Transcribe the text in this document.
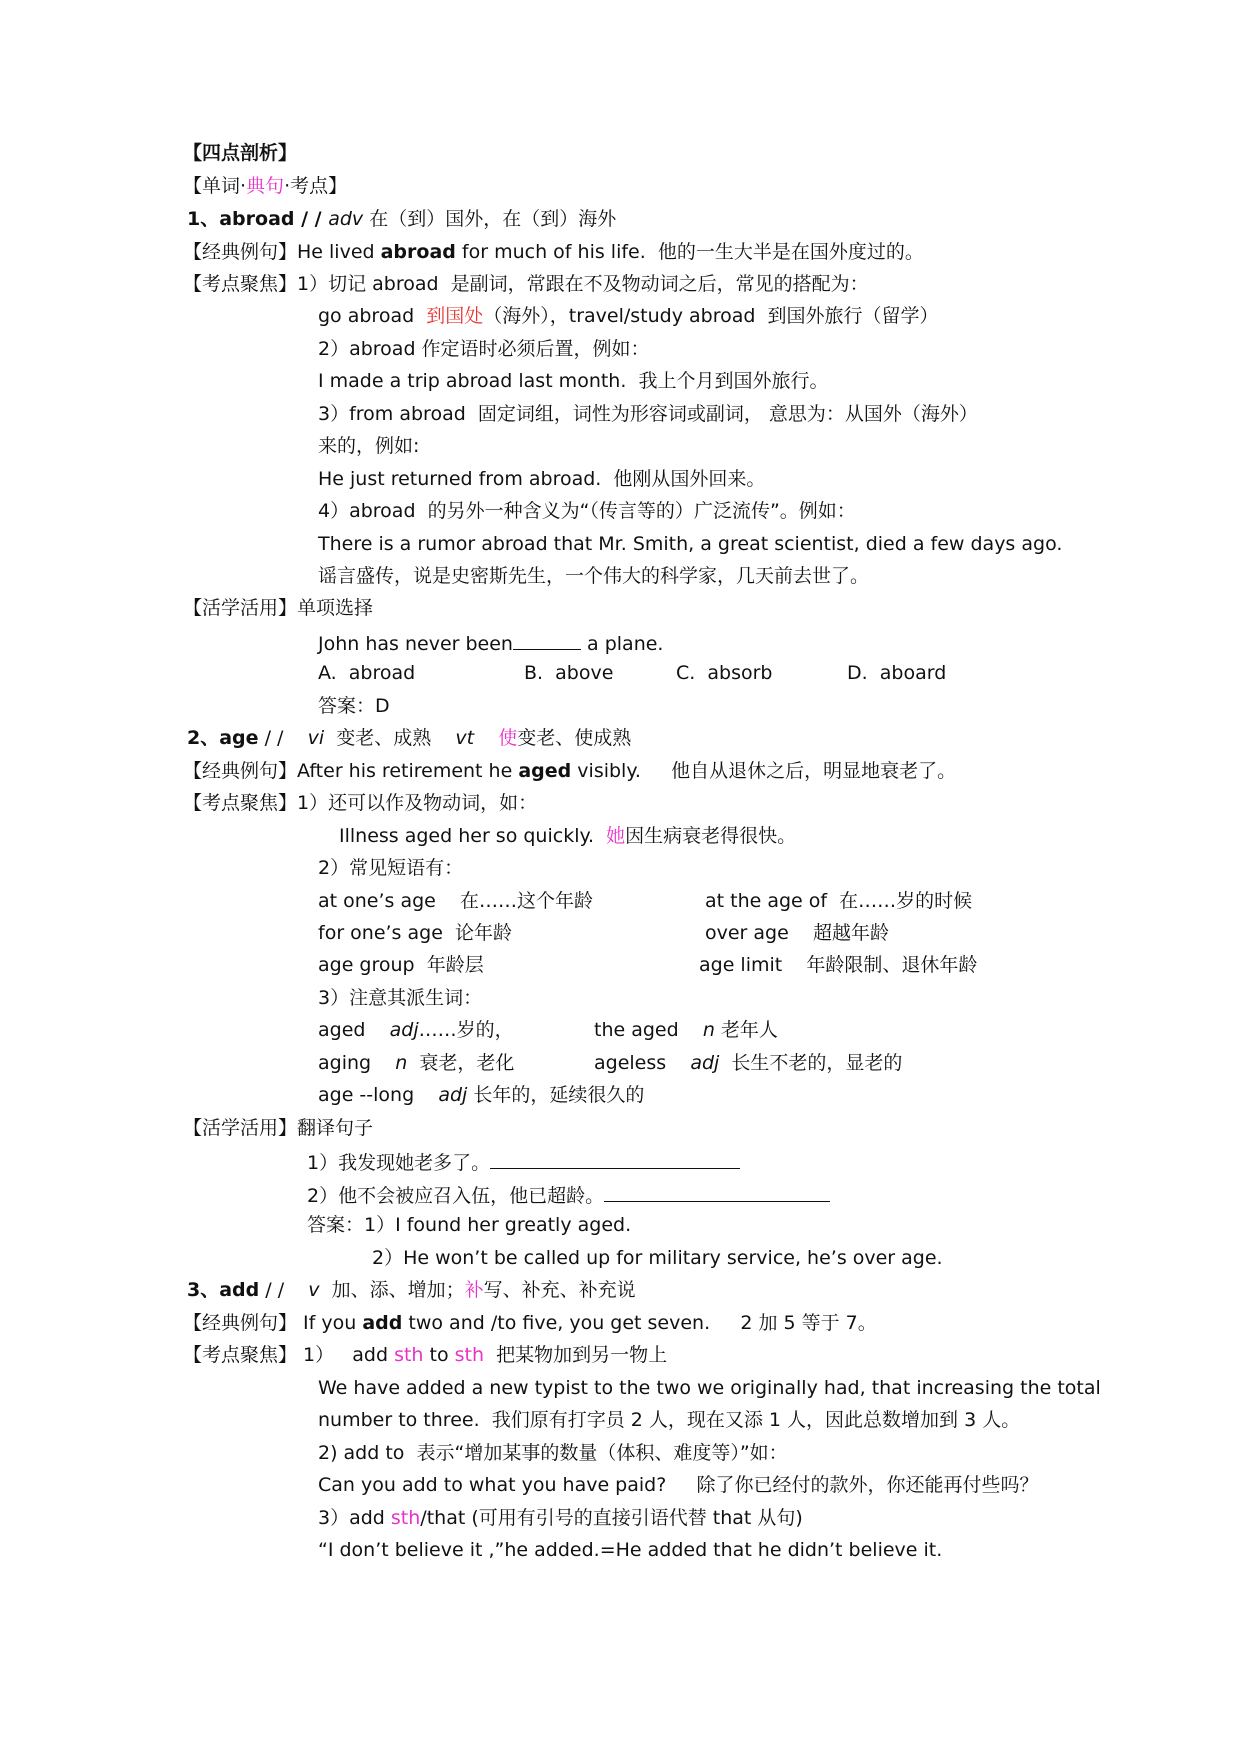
【四点剖析】
【单词·典句·考点】
1、abroad / / adv 在（到）国外，在（到）海外
【经典例句】He lived abroad for much of his life.  他的一生大半是在国外度过的。
【考点聚焦】1）切记 abroad  是副词，常跟在不及物动词之后，常见的搭配为：
go abroad  到国处（海外），travel/study abroad  到国外旅行（留学）
2）abroad 作定语时必须后置，例如：
I made a trip abroad last month.  我上个月到国外旅行。
3）from abroad  固定词组，词性为形容词或副词， 意思为：从国外（海外）
来的，例如:
He just returned from abroad.  他刚从国外回来。
4）abroad  的另外一种含义为“（传言等的）广泛流传”。例如：
There is a rumor abroad that Mr. Smith, a great scientist, died a few days ago.
谣言盛传，说是史密斯先生，一个伟大的科学家，几天前去世了。
【活学活用】单项选择
John has never been	a plane.
A.  abroad	B.  above	C.  absorb	D.  aboard
答案：D
2、age / /    vi  变老、成熟    vt 使变老、使成熟
【经典例句】After his retirement he aged visibly.     他自从退休之后，明显地衰老了。
【考点聚焦】1）还可以作及物动词，如：
Illness aged her so quickly.  她因生病衰老得很快。
2）常见短语有：
at one’s age    在……这个年龄	at the age of  在……岁的时候
for one’s age  论年龄	over age    超越年龄
age group  年龄层	age limit    年龄限制、退休年龄
3）注意其派生词：
aged    adj……岁的，	the aged    n 老年人
aging    n  衰老，老化	ageless    adj  长生不老的，显老的
age --long    adj 长年的，延续很久的
【活学活用】翻译句子
1）我发现她老多了。
2）他不会被应召入伍，他已超龄。
答案：1）I found her greatly aged.
2）He won’t be called up for military service, he’s over age.
3、add / /    v  加、添、增加；补写、补充、补充说
【经典例句】 If you add two and /to five, you get seven.     2 加 5 等于 7。
【考点聚焦】 1）   add sth to sth  把某物加到另一物上
We have added a new typist to the two we originally had, that increasing the total
number to three.  我们原有打字员 2 人，现在又添 1 人，因此总数增加到 3 人。
2) add to  表示“增加某事的数量（体积、难度等）”如：
Can you add to what you have paid?     除了你已经付的款外，你还能再付些吗？
3）add sth/that (可用有引号的直接引语代替 that 从句)
“I don’t believe it ,”he added.=He added that he didn’t believe it.
